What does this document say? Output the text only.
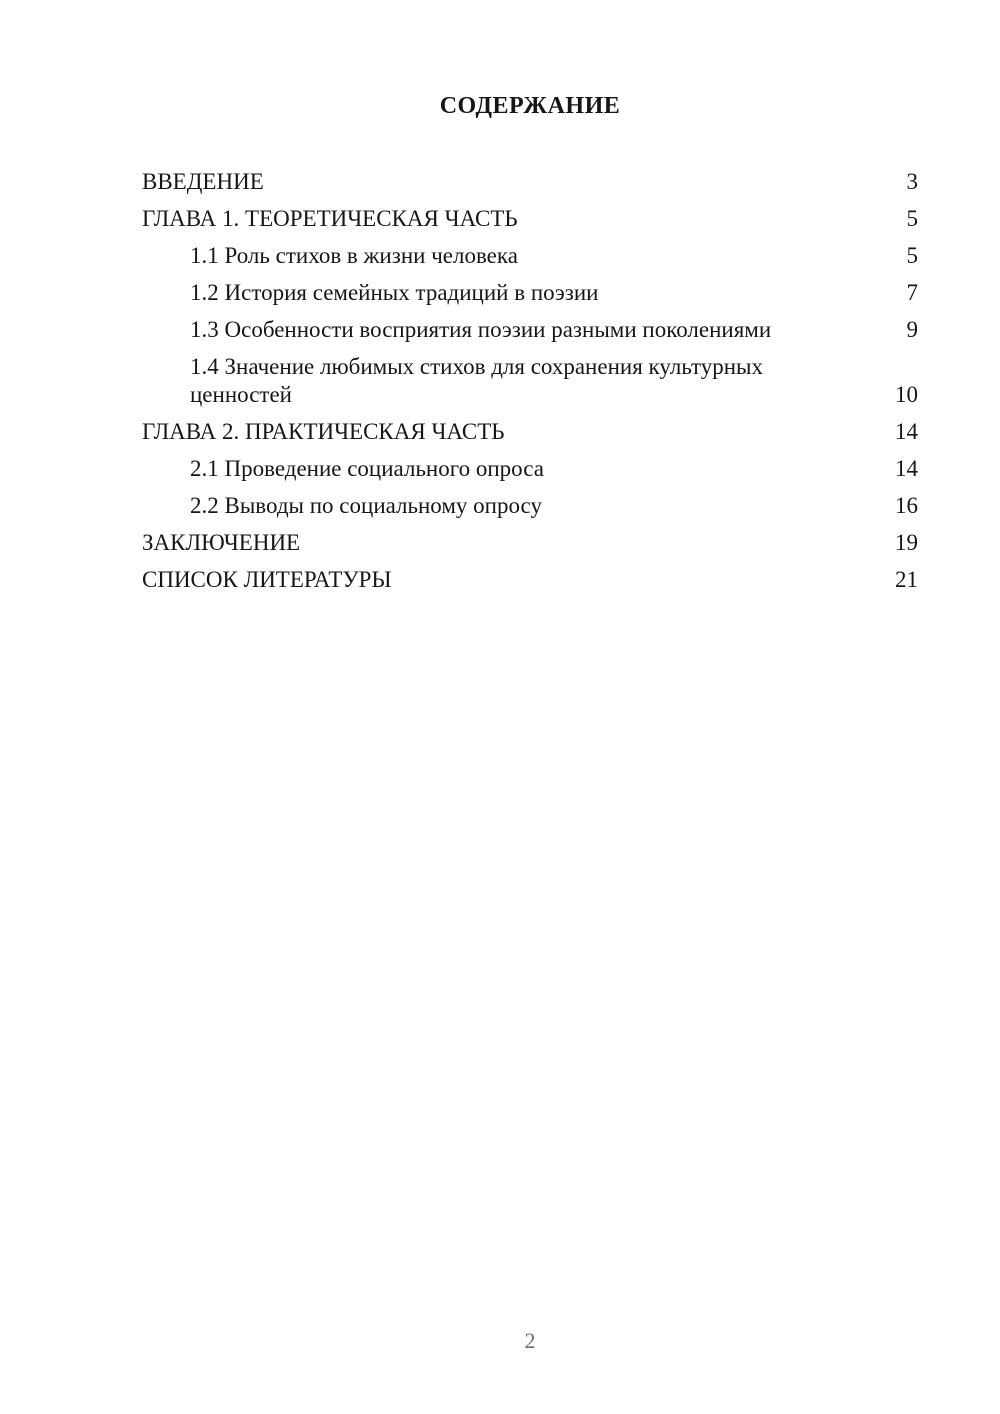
СОДЕРЖАНИЕ
ВВЕДЕНИЕ	3
ГЛАВА 1. ТЕОРЕТИЧЕСКАЯ ЧАСТЬ	5
1.1 Роль стихов в жизни человека	5
1.2 История семейных традиций в поэзии	7
1.3 Особенности восприятия поэзии разными поколениями	9
1.4 Значение любимых стихов для сохранения культурных
ценностей	10
ГЛАВА 2. ПРАКТИЧЕСКАЯ ЧАСТЬ	14
2.1 Проведение социального опроса	14
2.2 Выводы по социальному опросу	16
ЗАКЛЮЧЕНИЕ	19
СПИСОК ЛИТЕРАТУРЫ	21
2
